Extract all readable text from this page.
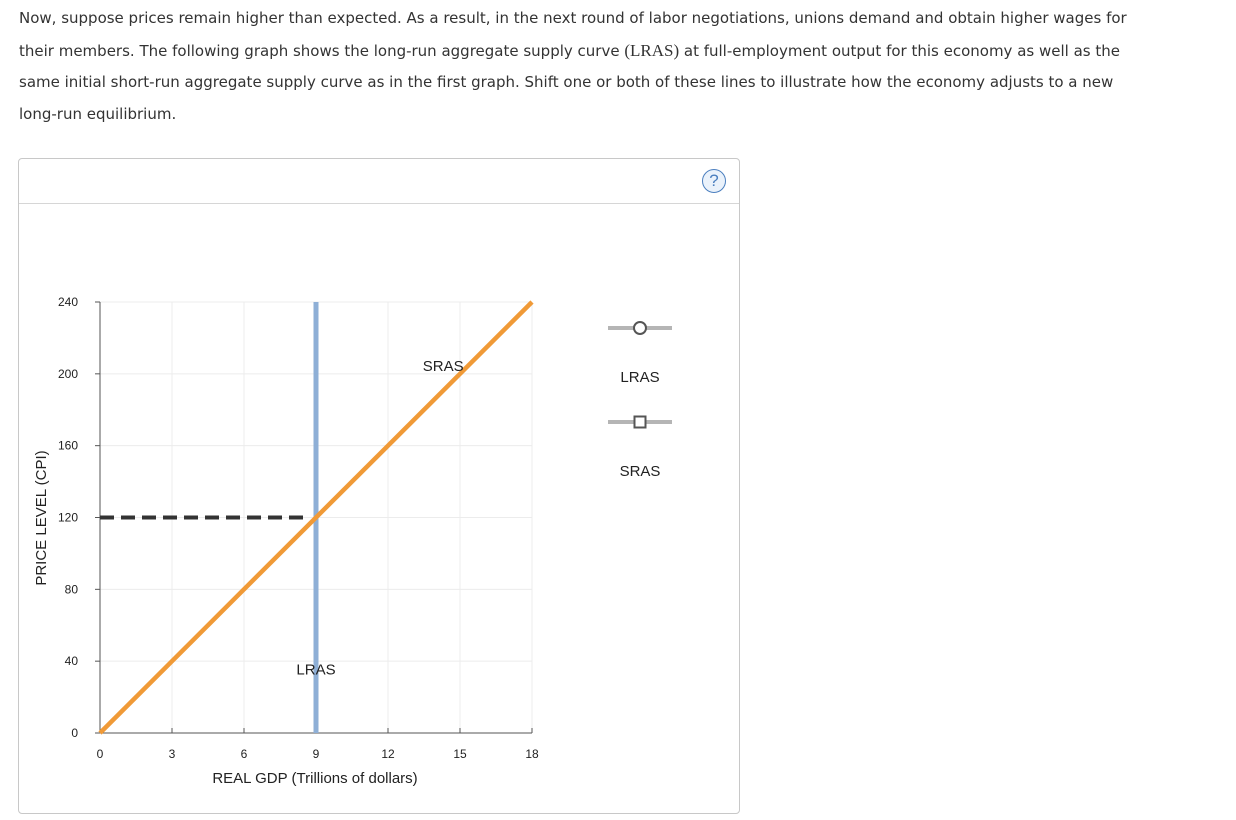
Now, suppose prices remain higher than expected. As a result, in the next round of labor negotiations, unions demand and obtain higher wages for
their members. The following graph shows the long-run aggregate supply curve (LRAS) at full-employment output for this economy as well as the
same initial short-run aggregate supply curve as in the first graph. Shift one or both of these lines to illustrate how the economy adjusts to a new
long-run equilibrium.
?
0	3	6	9	12	15	18
0
40
80
120
160
200
240
SRAS
LRAS
REAL GDP (Trillions of dollars)
PRICE LEVEL (CPI)
LRAS
SRAS
